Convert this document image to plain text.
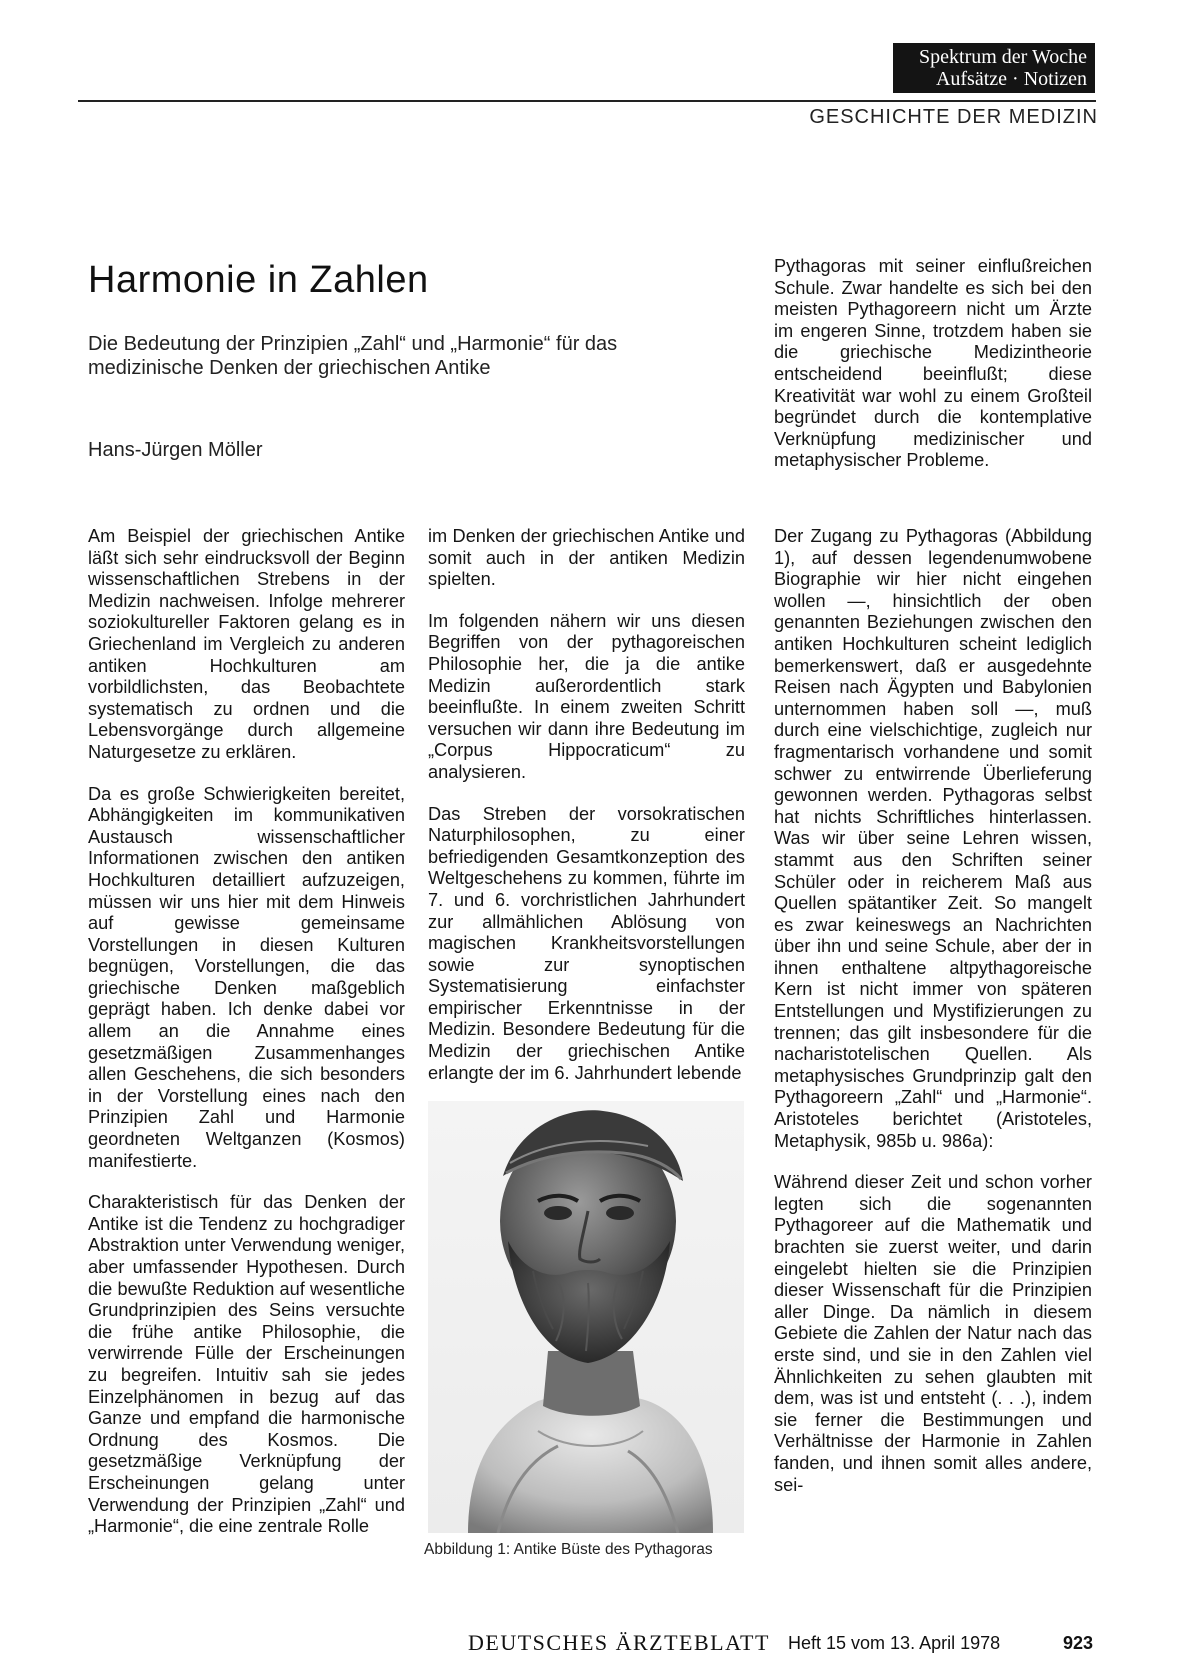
Spektrum der Woche
Aufsätze · Notizen
GESCHICHTE DER MEDIZIN
Harmonie in Zahlen
Die Bedeutung der Prinzipien „Zahl“ und „Harmonie“ für das medizinische Denken der griechischen Antike
Hans-Jürgen Möller

Pythagoras mit seiner einflußreichen Schule. Zwar handelte es sich bei den meisten Pythagoreern nicht um Ärzte im engeren Sinne, trotzdem haben sie die griechische Medizintheorie entscheidend beeinflußt; diese Kreativität war wohl zu einem Großteil begründet durch die kontemplative Verknüpfung medizinischer und metaphysischer Probleme.

Am Beispiel der griechischen Antike läßt sich sehr eindrucksvoll der Beginn wissenschaftlichen Strebens in der Medizin nachweisen. Infolge mehrerer soziokultureller Faktoren gelang es in Griechenland im Vergleich zu anderen antiken Hochkulturen am vorbildlichsten, das Beobachtete systematisch zu ordnen und die Lebensvorgänge durch allgemeine Naturgesetze zu erklären.

Da es große Schwierigkeiten bereitet, Abhängigkeiten im kommunikativen Austausch wissenschaftlicher Informationen zwischen den antiken Hochkulturen detailliert aufzuzeigen, müssen wir uns hier mit dem Hinweis auf gewisse gemeinsame Vorstellungen in diesen Kulturen begnügen, Vorstellungen, die das griechische Denken maßgeblich geprägt haben. Ich denke dabei vor allem an die Annahme eines gesetzmäßigen Zusammenhanges allen Geschehens, die sich besonders in der Vorstellung eines nach den Prinzipien Zahl und Harmonie geordneten Weltganzen (Kosmos) manifestierte.

Charakteristisch für das Denken der Antike ist die Tendenz zu hochgradiger Abstraktion unter Verwendung weniger, aber umfassender Hypothesen. Durch die bewußte Reduktion auf wesentliche Grundprinzipien des Seins versuchte die frühe antike Philosophie, die verwirrende Fülle der Erscheinungen zu begreifen. Intuitiv sah sie jedes Einzelphänomen in bezug auf das Ganze und empfand die harmonische Ordnung des Kosmos. Die gesetzmäßige Verknüpfung der Erscheinungen gelang unter Verwendung der Prinzipien „Zahl“ und „Harmonie“, die eine zentrale Rolle

im Denken der griechischen Antike und somit auch in der antiken Medizin spielten.

Im folgenden nähern wir uns diesen Begriffen von der pythagoreischen Philosophie her, die ja die antike Medizin außerordentlich stark beeinflußte. In einem zweiten Schritt versuchen wir dann ihre Bedeutung im „Corpus Hippocraticum“ zu analysieren.

Das Streben der vorsokratischen Naturphilosophen, zu einer befriedigenden Gesamtkonzeption des Weltgeschehens zu kommen, führte im 7. und 6. vorchristlichen Jahrhundert zur allmählichen Ablösung von magischen Krankheitsvorstellungen sowie zur synoptischen Systematisierung einfachster empirischer Erkenntnisse in der Medizin. Besondere Bedeutung für die Medizin der griechischen Antike erlangte der im 6. Jahrhundert lebende

Der Zugang zu Pythagoras (Abbildung 1), auf dessen legendenumwobene Biographie wir hier nicht eingehen wollen —, hinsichtlich der oben genannten Beziehungen zwischen den antiken Hochkulturen scheint lediglich bemerkenswert, daß er ausgedehnte Reisen nach Ägypten und Babylonien unternommen haben soll —, muß durch eine vielschichtige, zugleich nur fragmentarisch vorhandene und somit schwer zu entwirrende Überlieferung gewonnen werden. Pythagoras selbst hat nichts Schriftliches hinterlassen. Was wir über seine Lehren wissen, stammt aus den Schriften seiner Schüler oder in reicherem Maß aus Quellen spätantiker Zeit. So mangelt es zwar keineswegs an Nachrichten über ihn und seine Schule, aber der in ihnen enthaltene altpythagoreische Kern ist nicht immer von späteren Entstellungen und Mystifizierungen zu trennen; das gilt insbesondere für die nacharistotelischen Quellen. Als metaphysisches Grundprinzip galt den Pythagoreern „Zahl“ und „Harmonie“. Aristoteles berichtet (Aristoteles, Metaphysik, 985b u. 986a):

Während dieser Zeit und schon vorher legten sich die sogenannten Pythagoreer auf die Mathematik und brachten sie zuerst weiter, und darin eingelebt hielten sie die Prinzipien dieser Wissenschaft für die Prinzipien aller Dinge. Da nämlich in diesem Gebiete die Zahlen der Natur nach das erste sind, und sie in den Zahlen viel Ähnlichkeiten zu sehen glaubten mit dem, was ist und entsteht (. . .), indem sie ferner die Bestimmungen und Verhältnisse der Harmonie in Zahlen fanden, und ihnen somit alles andere, sei-

Abbildung 1: Antike Büste des Pythagoras
DEUTSCHES ÄRZTEBLATT Heft 15 vom 13. April 1978	923
